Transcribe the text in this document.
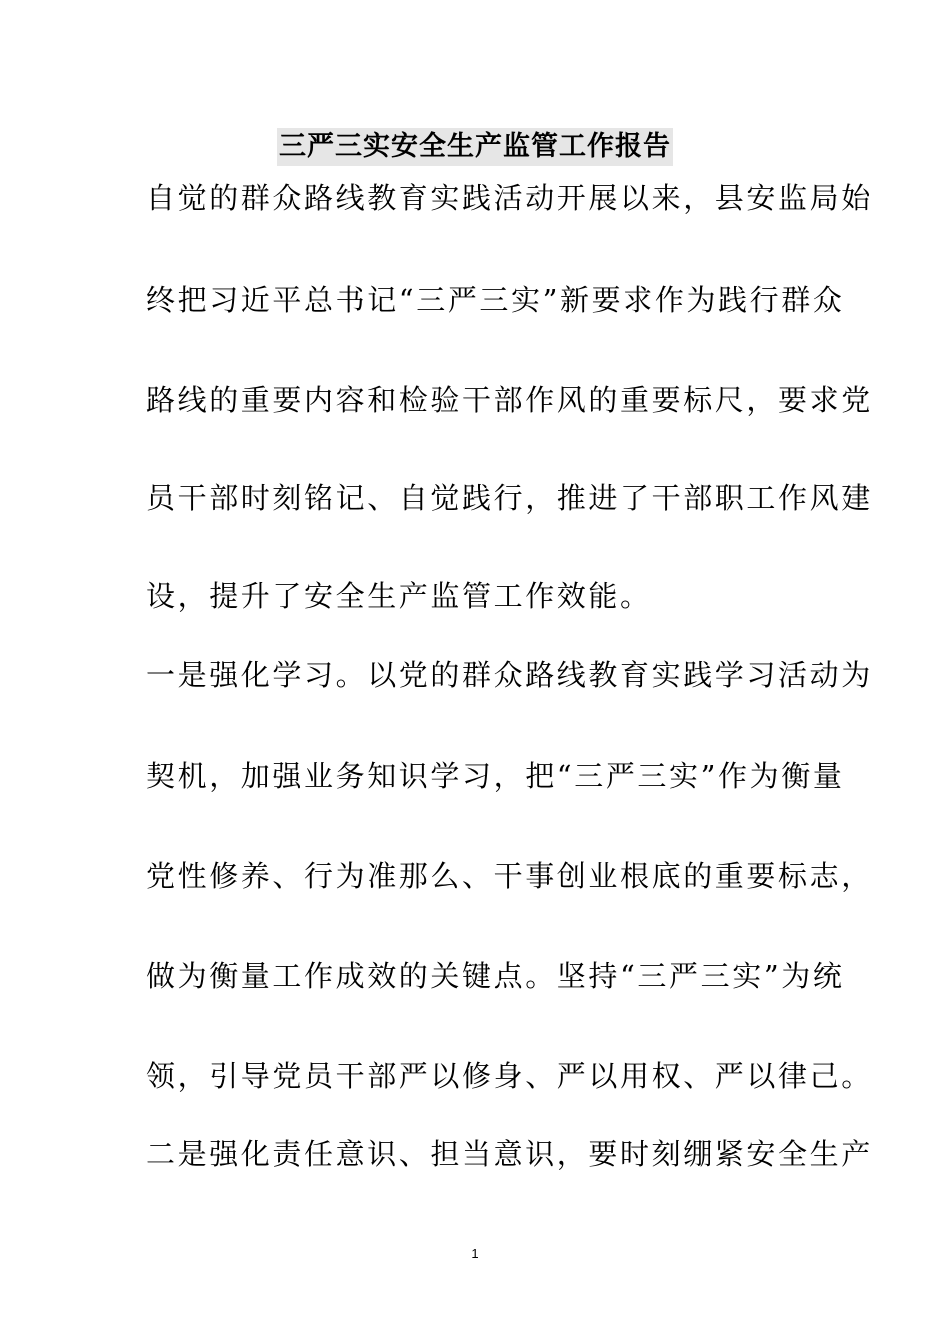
三严三实安全生产监管工作报告
自觉的群众路线教育实践活动开展以来，县安监局始
终把习近平总书记“三严三实”新要求作为践行群众
路线的重要内容和检验干部作风的重要标尺，要求党
员干部时刻铭记、自觉践行，推进了干部职工作风建
设，提升了安全生产监管工作效能。
一是强化学习。以党的群众路线教育实践学习活动为
契机，加强业务知识学习，把“三严三实”作为衡量
党性修养、行为准那么、干事创业根底的重要标志，
做为衡量工作成效的关键点。坚持“三严三实”为统
领，引导党员干部严以修身、严以用权、严以律己。
二是强化责任意识、担当意识，要时刻绷紧安全生产
1
